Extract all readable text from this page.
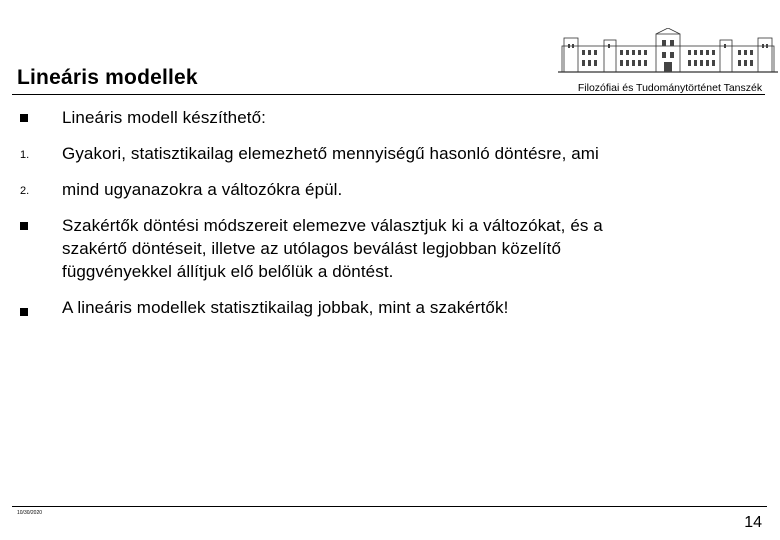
Lineáris modellek	Filozófiai és Tudománytörténet Tanszék
Lineáris modell készíthető:
1. Gyakori, statisztikailag elemezhető mennyiségű hasonló döntésre, ami
2. mind ugyanazokra a változókra épül.
Szakértők döntési módszereit elemezve választjuk ki a változókat, és a
szakértő döntéseit, illetve az utólagos beválást legjobban közelítő
függvényekkel állítjuk elő belőlük a döntést.
A lineáris modellek statisztikailag jobbak, mint a szakértők!
10/30/2020
14
